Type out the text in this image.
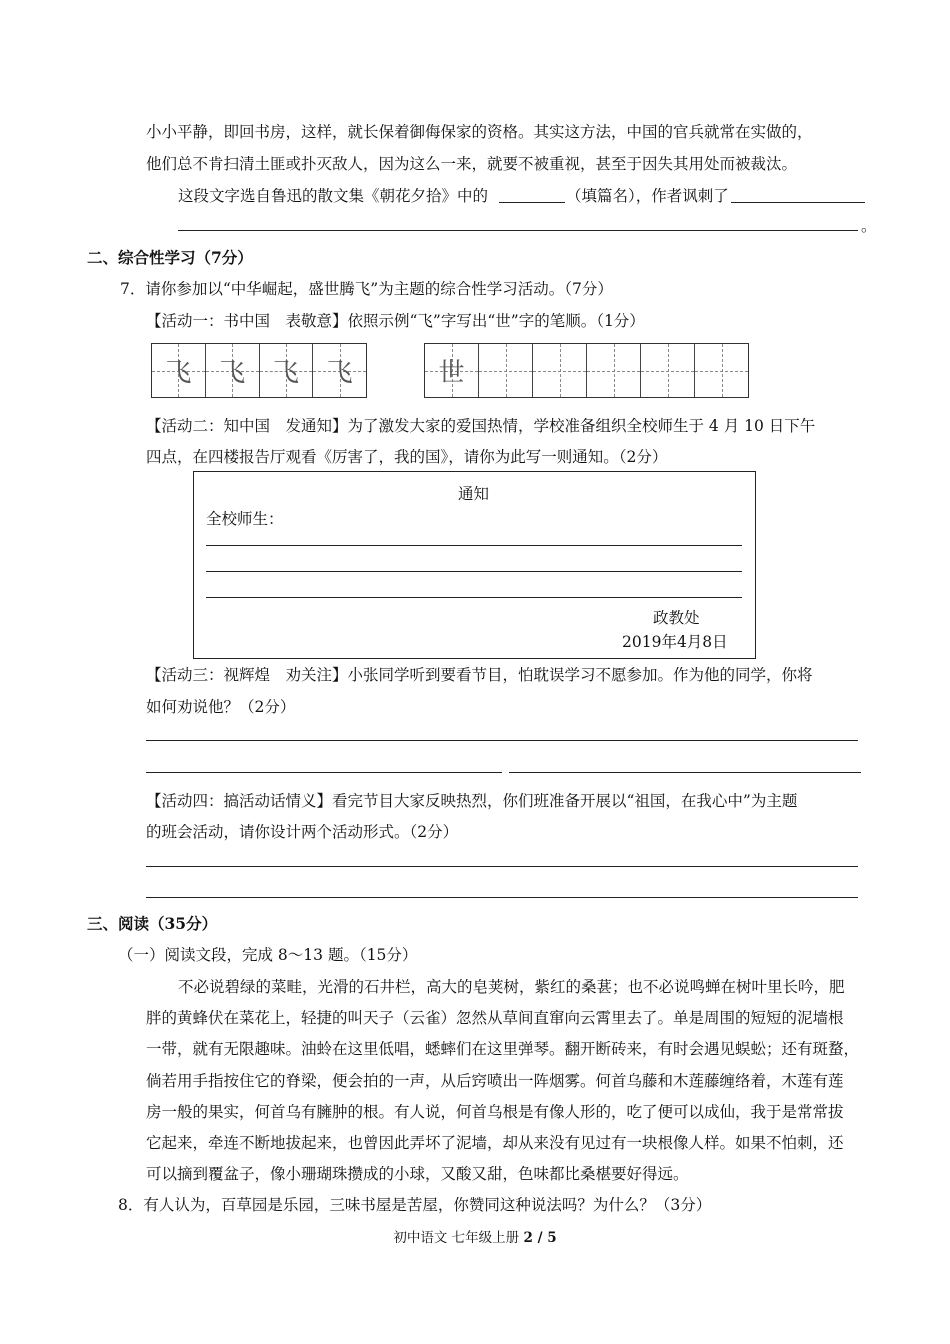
小小平静，即回书房，这样，就长保着御侮保家的资格。其实这方法，中国的官兵就常在实做的，
他们总不肯扫清土匪或扑灭敌人，因为这么一来，就要不被重视，甚至于因失其用处而被裁汰。
这段文字选自鲁迅的散文集《朝花夕拾》中的	（填篇名），作者讽刺了
。
二、综合性学习（7分）
7．请你参加以“中华崛起，盛世腾飞”为主题的综合性学习活动。（7分）
【活动一：书中国　表敬意】依照示例“飞”字写出“世”字的笔顺。（1分）
飞	飞	飞	飞	世
【活动二：知中国　发通知】为了激发大家的爱国热情，学校准备组织全校师生于 4 月 10 日下午
四点，在四楼报告厅观看《厉害了，我的国》，请你为此写一则通知。（2分）
通知
全校师生：
政教处
2019年4月8日
【活动三：视辉煌　劝关注】小张同学听到要看节目，怕耽误学习不愿参加。作为他的同学，你将
如何劝说他？（2分）
【活动四：搞活动话情义】看完节目大家反映热烈，你们班准备开展以“祖国，在我心中”为主题
的班会活动，请你设计两个活动形式。（2分）
三、阅读（35分）
（一）阅读文段，完成 8～13 题。（15分）
不必说碧绿的菜畦，光滑的石井栏，高大的皂荚树，紫红的桑葚；也不必说鸣蝉在树叶里长吟，肥
胖的黄蜂伏在菜花上，轻捷的叫天子（云雀）忽然从草间直窜向云霄里去了。单是周围的短短的泥墙根
一带，就有无限趣味。油蛉在这里低唱，蟋蟀们在这里弹琴。翻开断砖来，有时会遇见蜈蚣；还有斑蝥，
倘若用手指按住它的脊梁，便会拍的一声，从后窍喷出一阵烟雾。何首乌藤和木莲藤缠络着，木莲有莲
房一般的果实，何首乌有臃肿的根。有人说，何首乌根是有像人形的，吃了便可以成仙，我于是常常拔
它起来，牵连不断地拔起来，也曾因此弄坏了泥墙，却从来没有见过有一块根像人样。如果不怕刺，还
可以摘到覆盆子，像小珊瑚珠攒成的小球，又酸又甜，色味都比桑椹要好得远。
8．有人认为，百草园是乐园，三味书屋是苦屋，你赞同这种说法吗？为什么？（3分）
初中语文 七年级上册 2 / 5
